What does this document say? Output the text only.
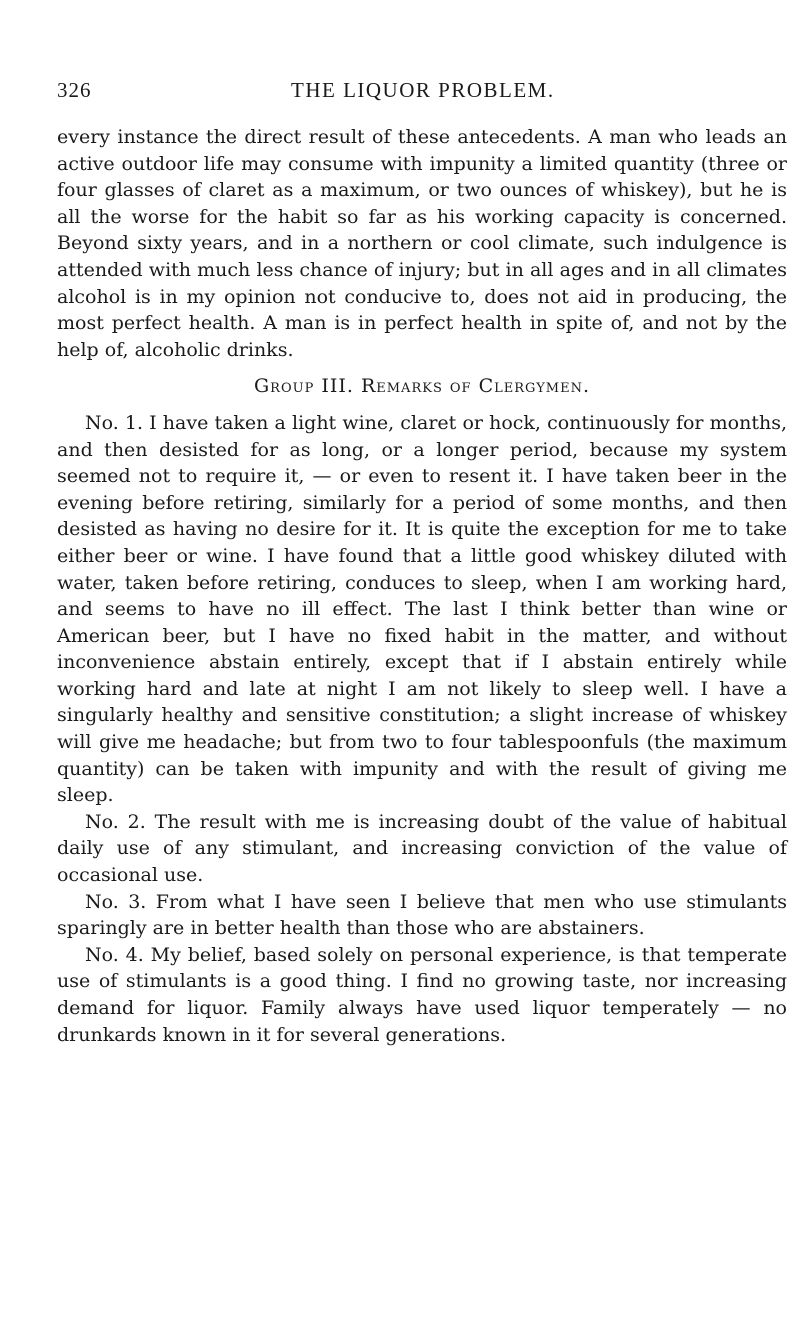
326	THE LIQUOR PROBLEM.

every instance the direct result of these antecedents. A man who leads an active outdoor life may consume with impunity a limited quantity (three or four glasses of claret as a maximum, or two ounces of whiskey), but he is all the worse for the habit so far as his working capacity is concerned. Beyond sixty years, and in a northern or cool climate, such indulgence is attended with much less chance of injury; but in all ages and in all climates alcohol is in my opinion not conducive to, does not aid in producing, the most perfect health. A man is in perfect health in spite of, and not by the help of, alcoholic drinks.

Group III. Remarks of Clergymen.

No. 1. I have taken a light wine, claret or hock, continuously for months, and then desisted for as long, or a longer period, because my system seemed not to require it, — or even to resent it. I have taken beer in the evening before retiring, similarly for a period of some months, and then desisted as having no desire for it. It is quite the exception for me to take either beer or wine. I have found that a little good whiskey diluted with water, taken before retiring, conduces to sleep, when I am working hard, and seems to have no ill effect. The last I think better than wine or American beer, but I have no fixed habit in the matter, and without inconvenience abstain entirely, except that if I abstain entirely while working hard and late at night I am not likely to sleep well. I have a singularly healthy and sensitive constitution; a slight increase of whiskey will give me headache; but from two to four tablespoonfuls (the maximum quantity) can be taken with impunity and with the result of giving me sleep.

No. 2. The result with me is increasing doubt of the value of habitual daily use of any stimulant, and increasing conviction of the value of occasional use.

No. 3. From what I have seen I believe that men who use stimulants sparingly are in better health than those who are abstainers.

No. 4. My belief, based solely on personal experience, is that temperate use of stimulants is a good thing. I find no growing taste, nor increasing demand for liquor. Family always have used liquor temperately — no drunkards known in it for several generations.
